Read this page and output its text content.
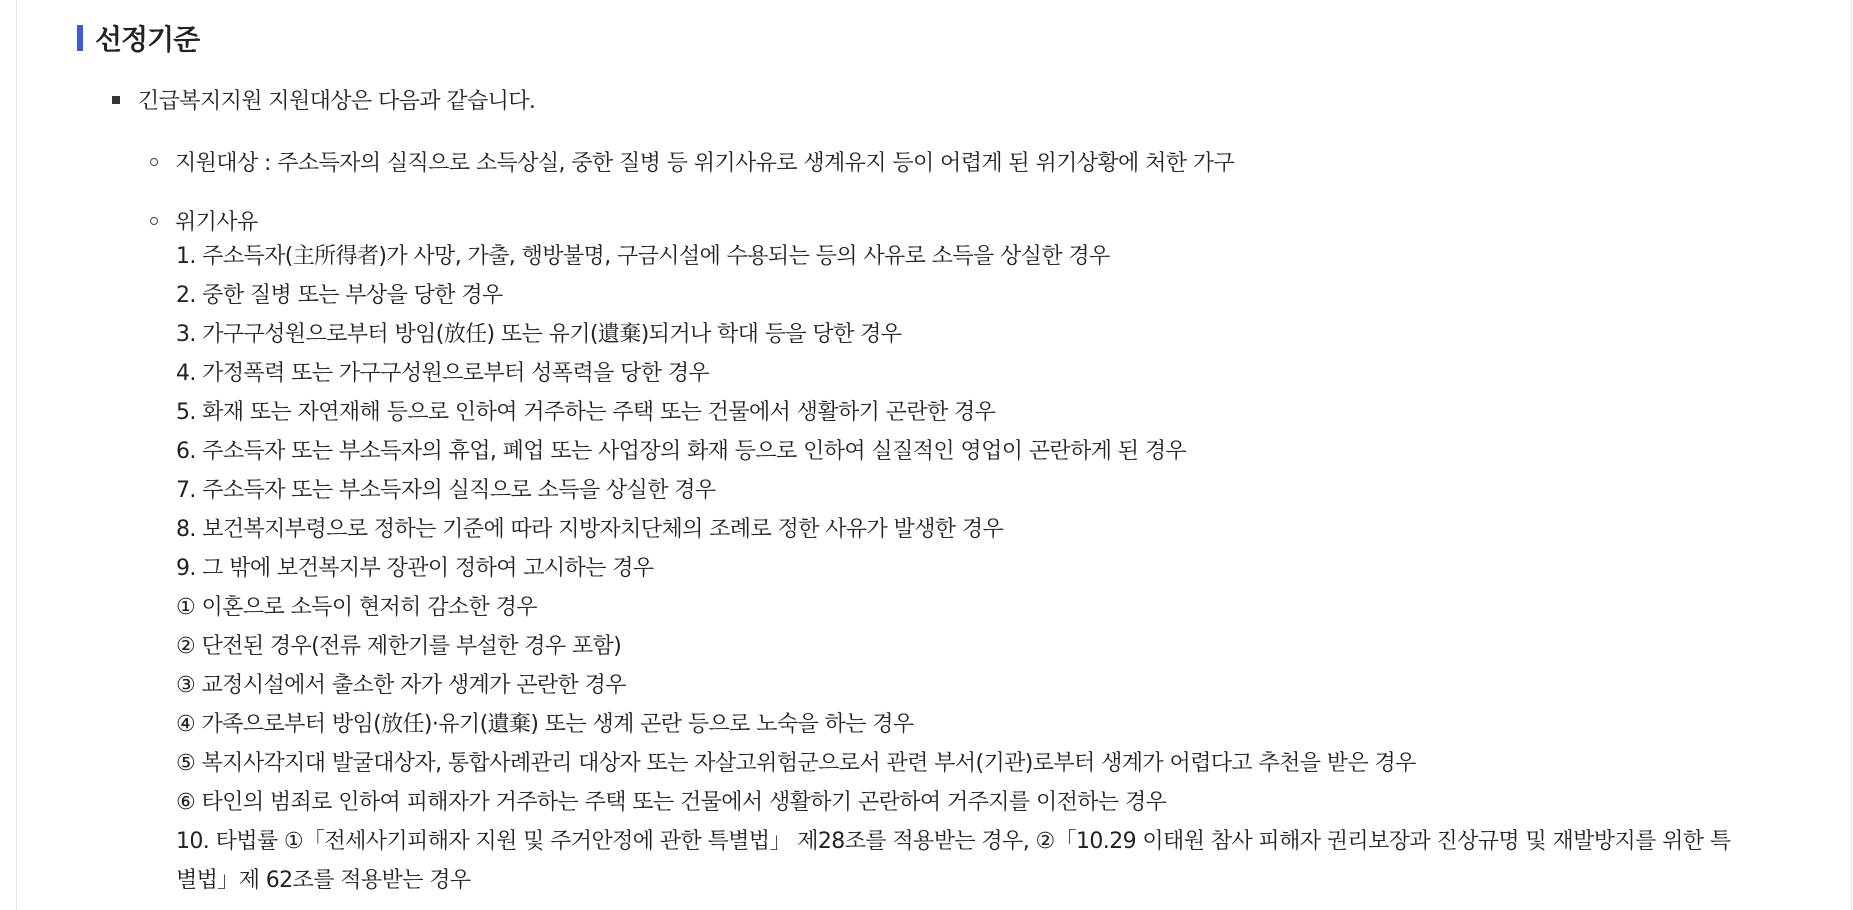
선정기준
긴급복지지원 지원대상은 다음과 같습니다.
지원대상 : 주소득자의 실직으로 소득상실, 중한 질병 등 위기사유로 생계유지 등이 어렵게 된 위기상황에 처한 가구
위기사유
1. 주소득자(主所得者)가 사망, 가출, 행방불명, 구금시설에 수용되는 등의 사유로 소득을 상실한 경우
2. 중한 질병 또는 부상을 당한 경우
3. 가구구성원으로부터 방임(放任) 또는 유기(遺棄)되거나 학대 등을 당한 경우
4. 가정폭력 또는 가구구성원으로부터 성폭력을 당한 경우
5. 화재 또는 자연재해 등으로 인하여 거주하는 주택 또는 건물에서 생활하기 곤란한 경우
6. 주소득자 또는 부소득자의 휴업, 폐업 또는 사업장의 화재 등으로 인하여 실질적인 영업이 곤란하게 된 경우
7. 주소득자 또는 부소득자의 실직으로 소득을 상실한 경우
8. 보건복지부령으로 정하는 기준에 따라 지방자치단체의 조례로 정한 사유가 발생한 경우
9. 그 밖에 보건복지부 장관이 정하여 고시하는 경우
① 이혼으로 소득이 현저히 감소한 경우
② 단전된 경우(전류 제한기를 부설한 경우 포함)
③ 교정시설에서 출소한 자가 생계가 곤란한 경우
④ 가족으로부터 방임(放任)·유기(遺棄) 또는 생계 곤란 등으로 노숙을 하는 경우
⑤ 복지사각지대 발굴대상자, 통합사례관리 대상자 또는 자살고위험군으로서 관련 부서(기관)로부터 생계가 어렵다고 추천을 받은 경우
⑥ 타인의 범죄로 인하여 피해자가 거주하는 주택 또는 건물에서 생활하기 곤란하여 거주지를 이전하는 경우
10. 타법률 ①「전세사기피해자 지원 및 주거안정에 관한 특별법」 제28조를 적용받는 경우, ②「10.29 이태원 참사 피해자 권리보장과 진상규명 및 재발방지를 위한 특별법」제 62조를 적용받는 경우
